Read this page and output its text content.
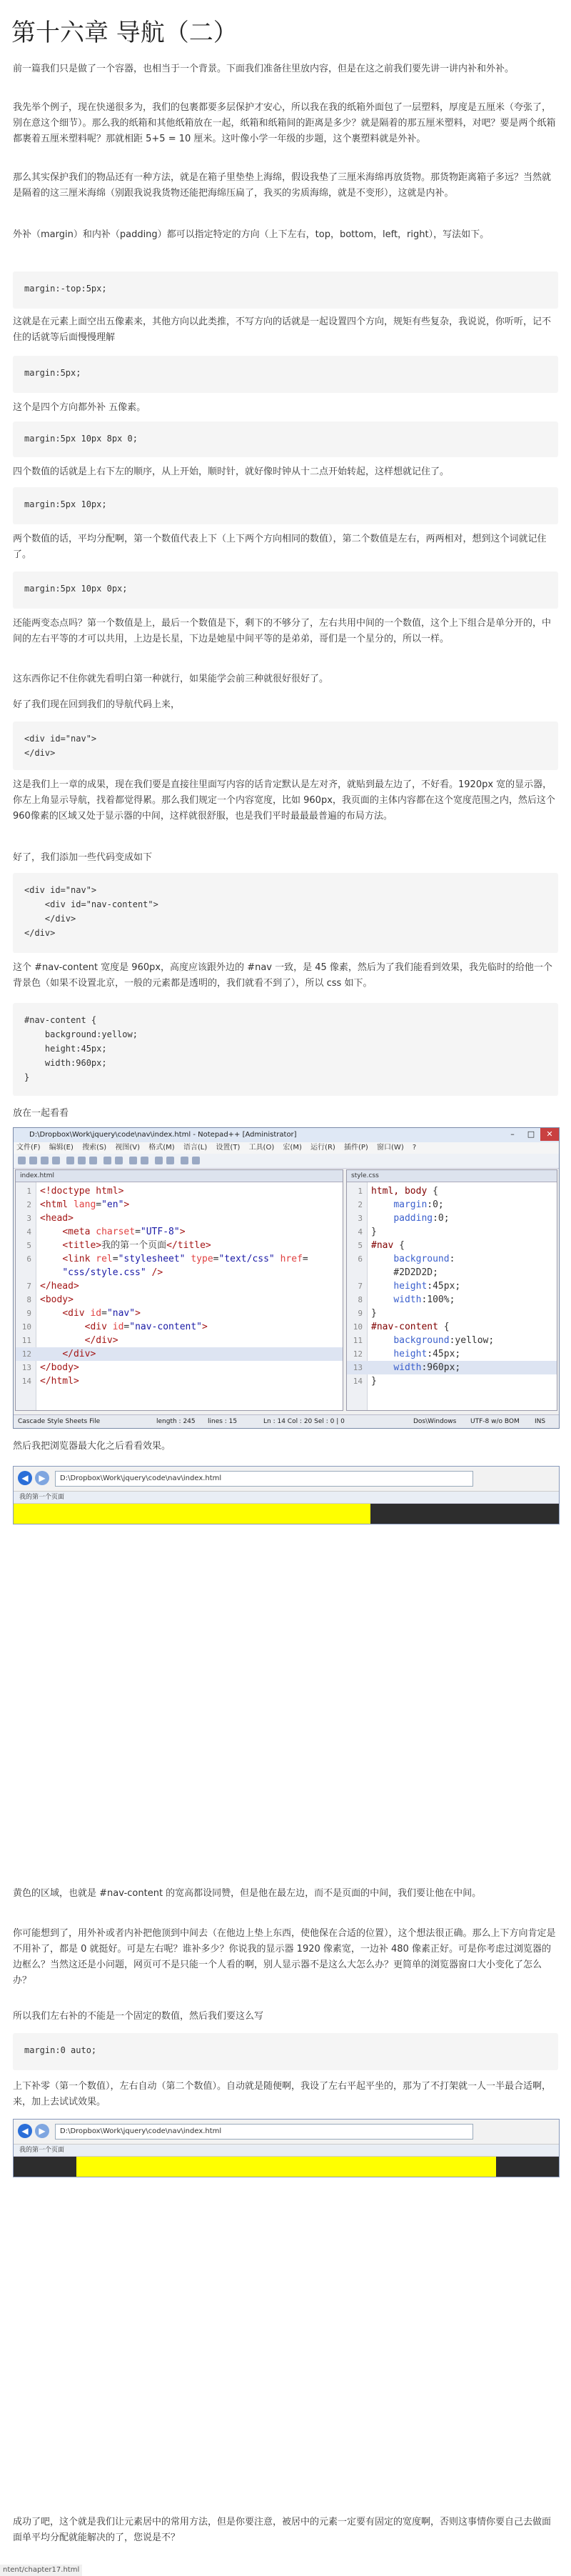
第十六章 导航（二）

前一篇我们只是做了一个容器，也相当于一个背景。下面我们准备往里放内容，但是在这之前我们要先讲一讲内补和外补。

我先举个例子，现在快递很多为，我们的包裹都要多层保护才安心，所以我在我的纸箱外面包了一层塑料，厚度是五厘米（夸张了，别在意这个细节）。那么我的纸箱和其他纸箱放在一起，纸箱和纸箱间的距离是多少？就是隔着的那五厘米塑料，对吧？要是两个纸箱都裹着五厘米塑料呢？那就相距 5+5 = 10 厘米。这叶像小学一年级的步题，这个裹塑料就是外补。

那么其实保护我们的物品还有一种方法，就是在箱子里垫垫上海绵，假设我垫了三厘米海绵再放货物。那货物距离箱子多远？当然就是隔着的这三厘米海绵（别跟我说我货物还能把海绵压扁了，我买的劣质海绵，就是不变形），这就是内补。

外补（margin）和内补（padding）都可以指定特定的方向（上下左右，top，bottom，left，right），写法如下。

margin:-top:5px;

这就是在元素上面空出五像素来，其他方向以此类推，不写方向的话就是一起设置四个方向，规矩有些复杂，我说说，你听听，记不住的话就等后面慢慢理解

margin:5px;

这个是四个方向都外补 五像素。

margin:5px 10px 8px 0;

四个数值的话就是上右下左的顺序，从上开始，顺时针，就好像时钟从十二点开始转起，这样想就记住了。

margin:5px 10px;

两个数值的话，平均分配啊，第一个数值代表上下（上下两个方向相同的数值），第二个数值是左右，两两相对，想到这个词就记住了。

margin:5px 10px 0px;

还能两变态点吗？第一个数值是上，最后一个数值是下，剩下的不够分了，左右共用中间的一个数值，这个上下组合是单分开的，中间的左右平等的才可以共用，上边是长星，下边是她星中间平等的是弟弟，哥们是一个星分的，所以一样。

这东西你记不住你就先看明白第一种就行，如果能学会前三种就很好很好了。

好了我们现在回到我们的导航代码上来，

<div id="nav">
</div>

这是我们上一章的成果，现在我们要是直接往里面写内容的话肯定默认是左对齐，就贴到最左边了，不好看。1920px 宽的显示器，你左上角显示导航，找着都觉得累。那么我们规定一个内容宽度，比如 960px，我页面的主体内容都在这个宽度范围之内，然后这个960像素的区域又处于显示器的中间，这样就很舒服，也是我们平时最最最普遍的布局方法。

好了，我们添加一些代码变成如下

<div id="nav">
<div id="nav-content">
</div>
</div>

这个 #nav-content 宽度是 960px，高度应该跟外边的 #nav 一致，是 45 像素，然后为了我们能看到效果，我先临时的给他一个背景色（如果不设置北京，一般的元素都是透明的，我们就看不到了），所以 css 如下。

#nav-content {
background:yellow;
height:45px;
width:960px;
}

放在一起看看

D:\Dropbox\Work\jquery\code\nav\index.html - Notepad++ [Administrator]	–	□	✕
文件(F) 编辑(E) 搜索(S) 视图(V) 格式(M) 语言(L) 设置(T) 工具(O) 宏(M) 运行(R) 插件(P) 窗口(W) ?
index.html
1 <!doctype html>
2 <html lang="en">
3 <head>
4	<meta charset="UTF-8">
5	<title>我的第一个页面</title>
6	<link rel="stylesheet" type="text/css" href=
"css/style.css" />
7 </head>
8 <body>
9	<div id="nav">
10	<div id="nav-content">
11	</div>
12	</div>
13 </body>
14 </html>
style.css
1 html, body {
2	margin:0;
3	padding:0;
4 }
5 #nav {
6	background:
#2D2D2D;
7	height:45px;
8	width:100%;
9 }
10 #nav-content {
11	background:yellow;
12	height:45px;
13	width:960px;
14 }
Cascade Style Sheets File	length : 245 lines : 15	Ln : 14 Col : 20 Sel : 0 | 0	Dos\Windows UTF-8 w/o BOM INS

然后我把浏览器最大化之后看看效果。

◀	▶	D:\Dropbox\Work\jquery\code\nav\index.html
我的第一个页面

黄色的区域，也就是 #nav-content 的宽高都设同赞，但是他在最左边，而不是页面的中间，我们要让他在中间。

你可能想到了，用外补或者内补把他顶到中间去（在他边上垫上东西，使他保在合适的位置），这个想法很正确。那么上下方向肯定是不用补了，都是 0 就挺好。可是左右呢？谁补多少？你说我的显示器 1920 像素宽，一边补 480 像素正好。可是你考虑过浏览器的边框么？当然这还是小问题，网页可不是只能一个人看的啊，别人显示器不是这么大怎么办？更简单的浏览器窗口大小变化了怎么办？

所以我们左右补的不能是一个固定的数值，然后我们要这么写

margin:0 auto;

上下补零（第一个数值），左右自动（第二个数值）。自动就是随便啊，我设了左右平起平坐的，那为了不打架就一人一半最合适啊，来，加上去试试效果。

◀	▶	D:\Dropbox\Work\jquery\code\nav\index.html
我的第一个页面

成功了吧，这个就是我们让元素居中的常用方法，但是你要注意，被居中的元素一定要有固定的宽度啊，否则这事情你要自己去做面面单平均分配就能解决的了，您说是不？

ntent/chapter17.html
